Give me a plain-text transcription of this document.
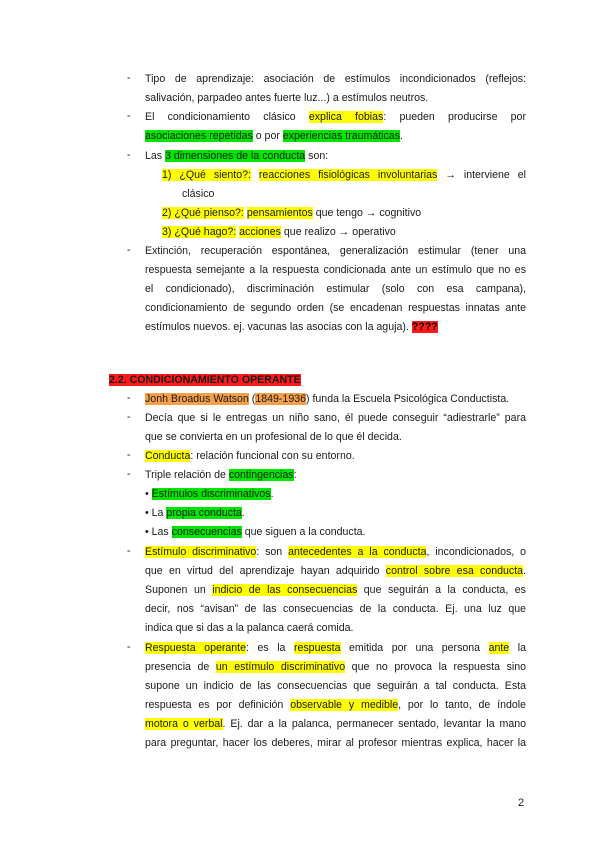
- Tipo de aprendizaje: asociación de estímulos incondicionados (reflejos:
salivación, parpadeo antes fuerte luz...) a estímulos neutros.
- El condicionamiento clásico explica fobias: pueden producirse por
asociaciones repetidas o por experiencias traumáticas.
- Las 3 dimensiones de la conducta son:
1) ¿Qué siento?: reacciones fisiológicas involuntarias → interviene el
clásico
2) ¿Qué pienso?: pensamientos que tengo → cognitivo
3) ¿Qué hago?: acciones que realizo → operativo
- Extinción, recuperación espontánea, generalización estimular (tener una
respuesta semejante a la respuesta condicionada ante un estímulo que no es
el condicionado), discriminación estimular (solo con esa campana),
condicionamiento de segundo orden (se encadenan respuestas innatas ante
estímulos nuevos. ej. vacunas las asocias con la aguja). ????
2.2. CONDICIONAMIENTO OPERANTE
- Jonh Broadus Watson (1849-1936) funda la Escuela Psicológica Conductista.
- Decía que si le entregas un niño sano, él puede conseguir “adiestrarle” para
que se convierta en un profesional de lo que él decida.
- Conducta: relación funcional con su entorno.
- Triple relación de contingencias:
• Estímulos discriminativos.
• La propia conducta.
• Las consecuencias que siguen a la conducta.
- Estímulo discriminativo: son antecedentes a la conducta, incondicionados, o
que en virtud del aprendizaje hayan adquirido control sobre esa conducta.
Suponen un indicio de las consecuencias que seguirán a la conducta, es
decir, nos “avisan” de las consecuencias de la conducta. Ej. una luz que
indica que si das a la palanca caerá comida.
- Respuesta operante: es la respuesta emitida por una persona ante la
presencia de un estímulo discriminativo que no provoca la respuesta sino
supone un indicio de las consecuencias que seguirán a tal conducta. Esta
respuesta es por definición observable y medible, por lo tanto, de índole
motora o verbal. Ej. dar a la palanca, permanecer sentado, levantar la mano
para preguntar, hacer los deberes, mirar al profesor mientras explica, hacer la
2
